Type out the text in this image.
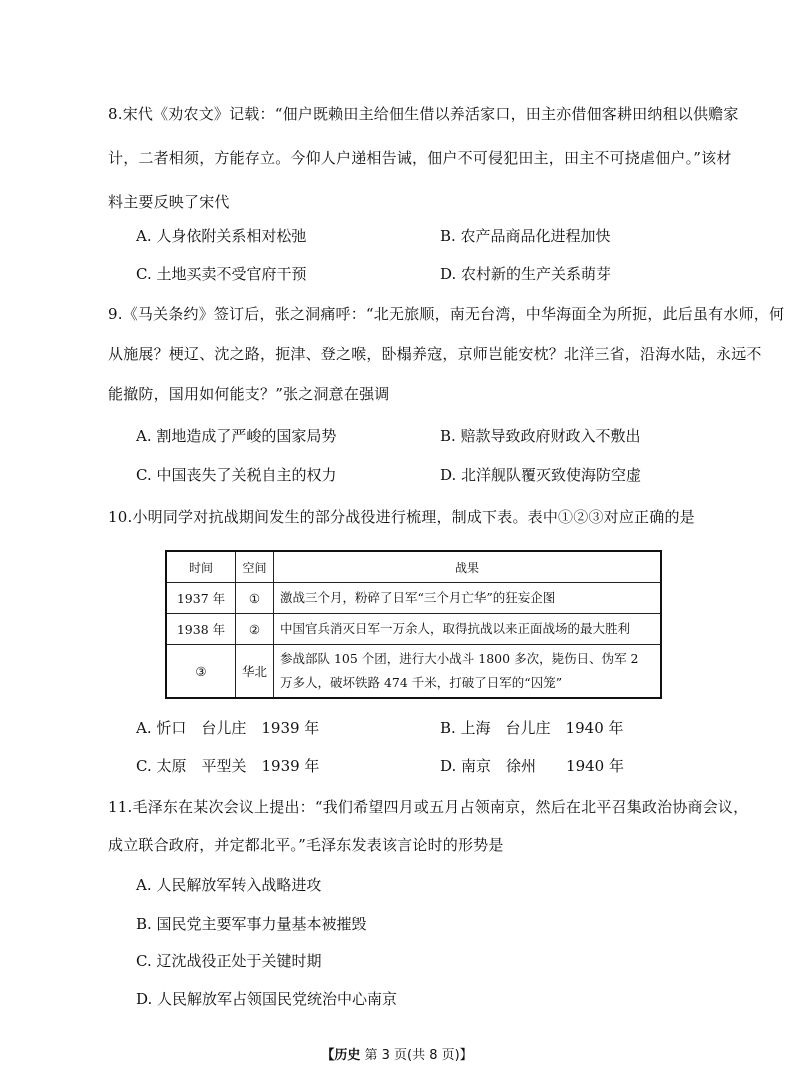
8.宋代《劝农文》记载：“佃户既赖田主给佃生借以养活家口，田主亦借佃客耕田纳租以供赡家
计，二者相须，方能存立。今仰人户递相告诫，佃户不可侵犯田主，田主不可挠虐佃户。”该材
料主要反映了宋代
A. 人身依附关系相对松弛	B. 农产品商品化进程加快
C. 土地买卖不受官府干预	D. 农村新的生产关系萌芽
9.《马关条约》签订后，张之洞痛呼：“北无旅顺，南无台湾，中华海面全为所扼，此后虽有水师，何
从施展？梗辽、沈之路，扼津、登之喉，卧榻养寇，京师岂能安枕？北洋三省，沿海水陆，永远不
能撤防，国用如何能支？”张之洞意在强调
A. 割地造成了严峻的国家局势	B. 赔款导致政府财政入不敷出
C. 中国丧失了关税自主的权力	D. 北洋舰队覆灭致使海防空虚
10.小明同学对抗战期间发生的部分战役进行梳理，制成下表。表中①②③对应正确的是
时间	空间	战果
1937 年	①	激战三个月，粉碎了日军“三个月亡华”的狂妄企图
1938 年	②	中国官兵消灭日军一万余人，取得抗战以来正面战场的最大胜利
③	华北	参战部队 105 个团，进行大小战斗 1800 多次，毙伤日、伪军 2 万多人，破坏铁路 474 千米，打破了日军的“囚笼”
A. 忻口　台儿庄　1939 年	B. 上海　台儿庄　1940 年
C. 太原　平型关　1939 年	D. 南京　徐州　　1940 年
11.毛泽东在某次会议上提出：“我们希望四月或五月占领南京，然后在北平召集政治协商会议，
成立联合政府，并定都北平。”毛泽东发表该言论时的形势是
A. 人民解放军转入战略进攻
B. 国民党主要军事力量基本被摧毁
C. 辽沈战役正处于关键时期
D. 人民解放军占领国民党统治中心南京
【历史 第 3 页(共 8 页)】
